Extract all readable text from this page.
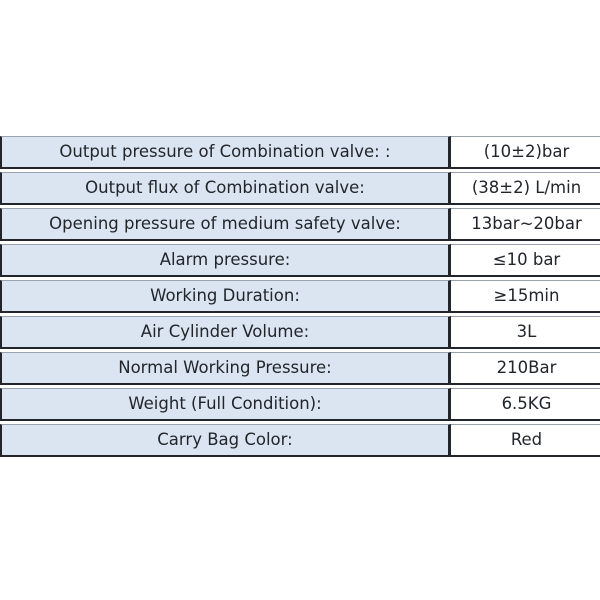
Output pressure of Combination valve: :	(10±2)bar
Output flux of Combination valve:	(38±2) L/min
Opening pressure of medium safety valve:	13bar~20bar
Alarm pressure:	≤10 bar
Working Duration:	≥15min
Air Cylinder Volume:	3L
Normal Working Pressure:	210Bar
Weight (Full Condition):	6.5KG
Carry Bag Color:	Red
